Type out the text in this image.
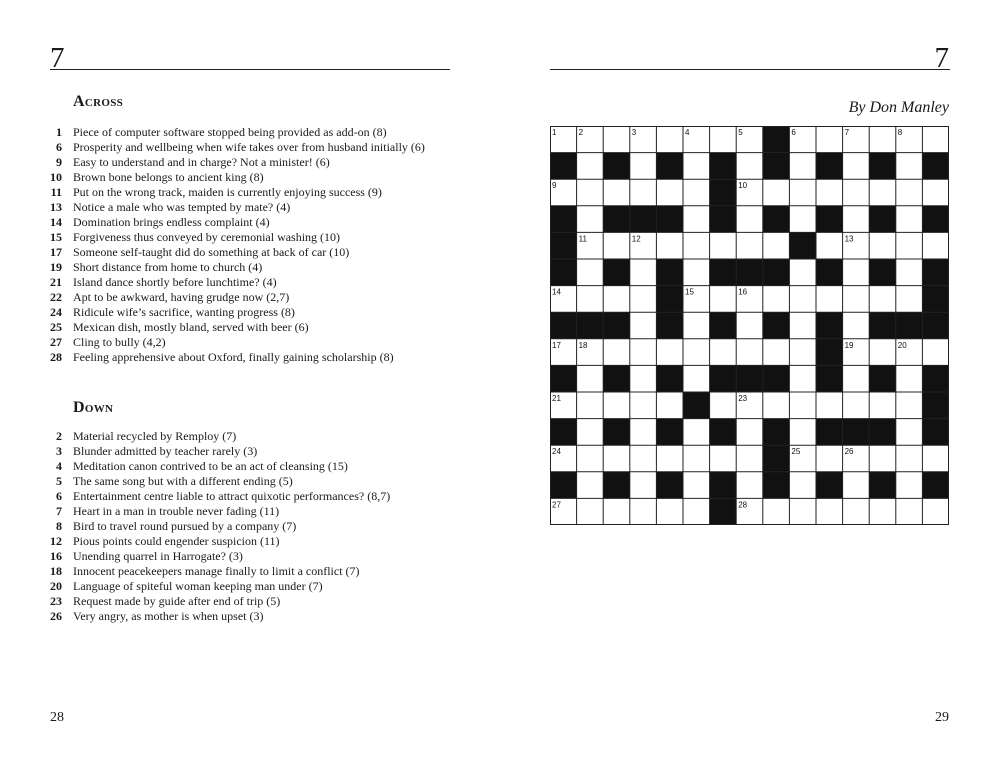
7
Across
1 Piece of computer software stopped being provided as add-on (8)
6 Prosperity and wellbeing when wife takes over from husband initially (6)
9 Easy to understand and in charge? Not a minister! (6)
10 Brown bone belongs to ancient king (8)
11 Put on the wrong track, maiden is currently enjoying success (9)
13 Notice a male who was tempted by mate? (4)
14 Domination brings endless complaint (4)
15 Forgiveness thus conveyed by ceremonial washing (10)
17 Someone self-taught did do something at back of car (10)
19 Short distance from home to church (4)
21 Island dance shortly before lunchtime? (4)
22 Apt to be awkward, having grudge now (2,7)
24 Ridicule wife’s sacrifice, wanting progress (8)
25 Mexican dish, mostly bland, served with beer (6)
27 Cling to bully (4,2)
28 Feeling apprehensive about Oxford, finally gaining scholarship (8)
Down
2 Material recycled by Remploy (7)
3 Blunder admitted by teacher rarely (3)
4 Meditation canon contrived to be an act of cleansing (15)
5 The same song but with a different ending (5)
6 Entertainment centre liable to attract quixotic performances? (8,7)
7 Heart in a man in trouble never fading (11)
8 Bird to travel round pursued by a company (7)
12 Pious points could engender suspicion (11)
16 Unending quarrel in Harrogate? (3)
18 Innocent peacekeepers manage finally to limit a conflict (7)
20 Language of spiteful woman keeping man under (7)
23 Request made by guide after end of trip (5)
26 Very angry, as mother is when upset (3)
28
7
By Don Manley
1	2	3	4	5	6	7	8
9	10
11	12	13
14	15	16
17 18	19	20
21	22	23
24	25	26
27	28
29
